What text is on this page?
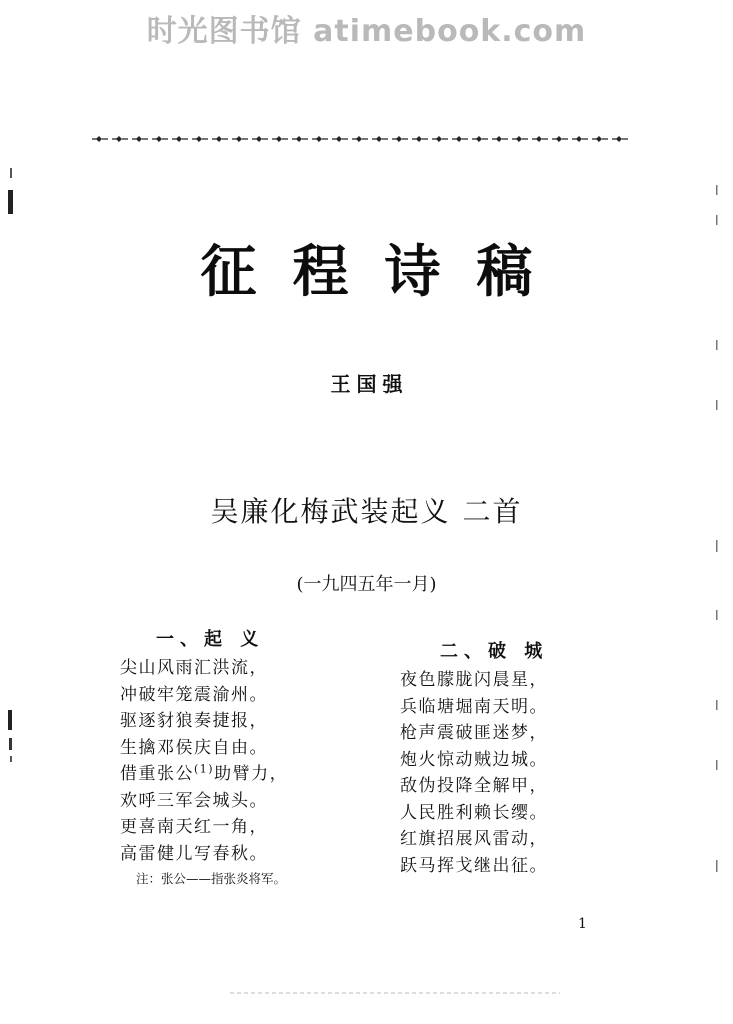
时光图书馆 atimebook.com
征程诗稿
王国强
吴廉化梅武装起义 二首
(一九四五年一月)
一、起 义
尖山风雨汇洪流，
冲破牢笼震渝州。
驱逐豺狼奏捷报，
生擒邓侯庆自由。
借重张公$^{(1)}$助臂力，
欢呼三军会城头。
更喜南天红一角，
高雷健儿写春秋。
注：张公——指张炎将军。
二、破 城
夜色朦胧闪晨星，
兵临塘堀南天明。
枪声震破匪迷梦，
炮火惊动贼边城。
敌伪投降全解甲，
人民胜利赖长缨。
红旗招展风雷动，
跃马挥戈继出征。
1
